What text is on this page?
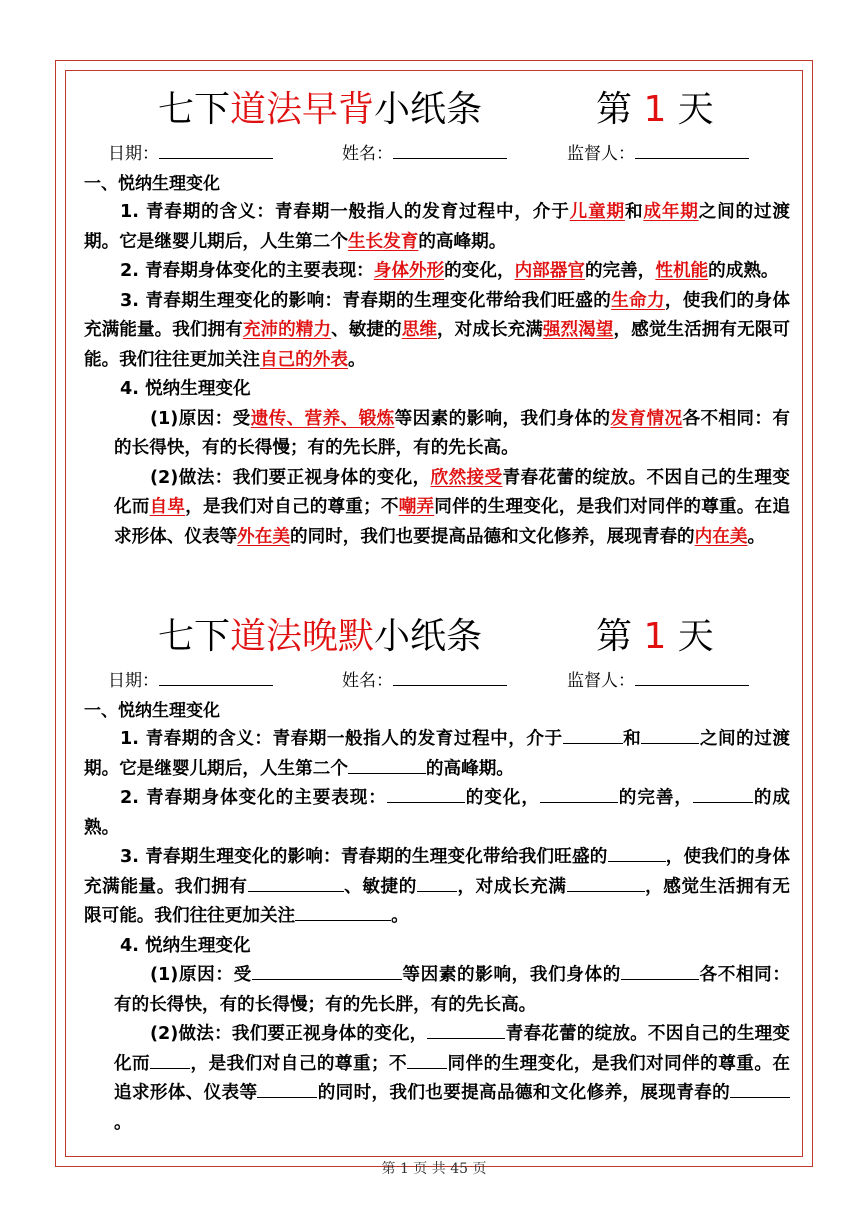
七下道法早背小纸条	第 1 天
日期：	姓名：	监督人：
一、悦纳生理变化
1. 青春期的含义：青春期一般指人的发育过程中，介于儿童期和成年期之间的过渡期。它是继婴儿期后，人生第二个生长发育的高峰期。
2. 青春期身体变化的主要表现：身体外形的变化，内部器官的完善，性机能的成熟。
3. 青春期生理变化的影响：青春期的生理变化带给我们旺盛的生命力，使我们的身体充满能量。我们拥有充沛的精力、敏捷的思维，对成长充满强烈渴望，感觉生活拥有无限可能。我们往往更加关注自己的外表。
4. 悦纳生理变化
(1)原因：受遗传、营养、锻炼等因素的影响，我们身体的发育情况各不相同：有的长得快，有的长得慢；有的先长胖，有的先长高。
(2)做法：我们要正视身体的变化，欣然接受青春花蕾的绽放。不因自己的生理变化而自卑，是我们对自己的尊重；不嘲弄同伴的生理变化，是我们对同伴的尊重。在追求形体、仪表等外在美的同时，我们也要提高品德和文化修养，展现青春的内在美。
七下道法晚默小纸条	第 1 天
日期：	姓名：	监督人：
一、悦纳生理变化
1. 青春期的含义：青春期一般指人的发育过程中，介于	和	之间的过渡期。它是继婴儿期后，人生第二个	的高峰期。
2. 青春期身体变化的主要表现：	的变化，	的完善，	的成熟。
3. 青春期生理变化的影响：青春期的生理变化带给我们旺盛的	，使我们的身体充满能量。我们拥有	、敏捷的 ，对成长充满	，感觉生活拥有无限可能。我们往往更加关注	。
4. 悦纳生理变化
(1)原因：受	等因素的影响，我们身体的	各不相同：有的长得快，有的长得慢；有的先长胖，有的先长高。
(2)做法：我们要正视身体的变化，	青春花蕾的绽放。不因自己的生理变化而 ，是我们对自己的尊重；不 同伴的生理变化，是我们对同伴的尊重。在追求形体、仪表等	的同时，我们也要提高品德和文化修养，展现青春的。
第 1 页 共 45 页
